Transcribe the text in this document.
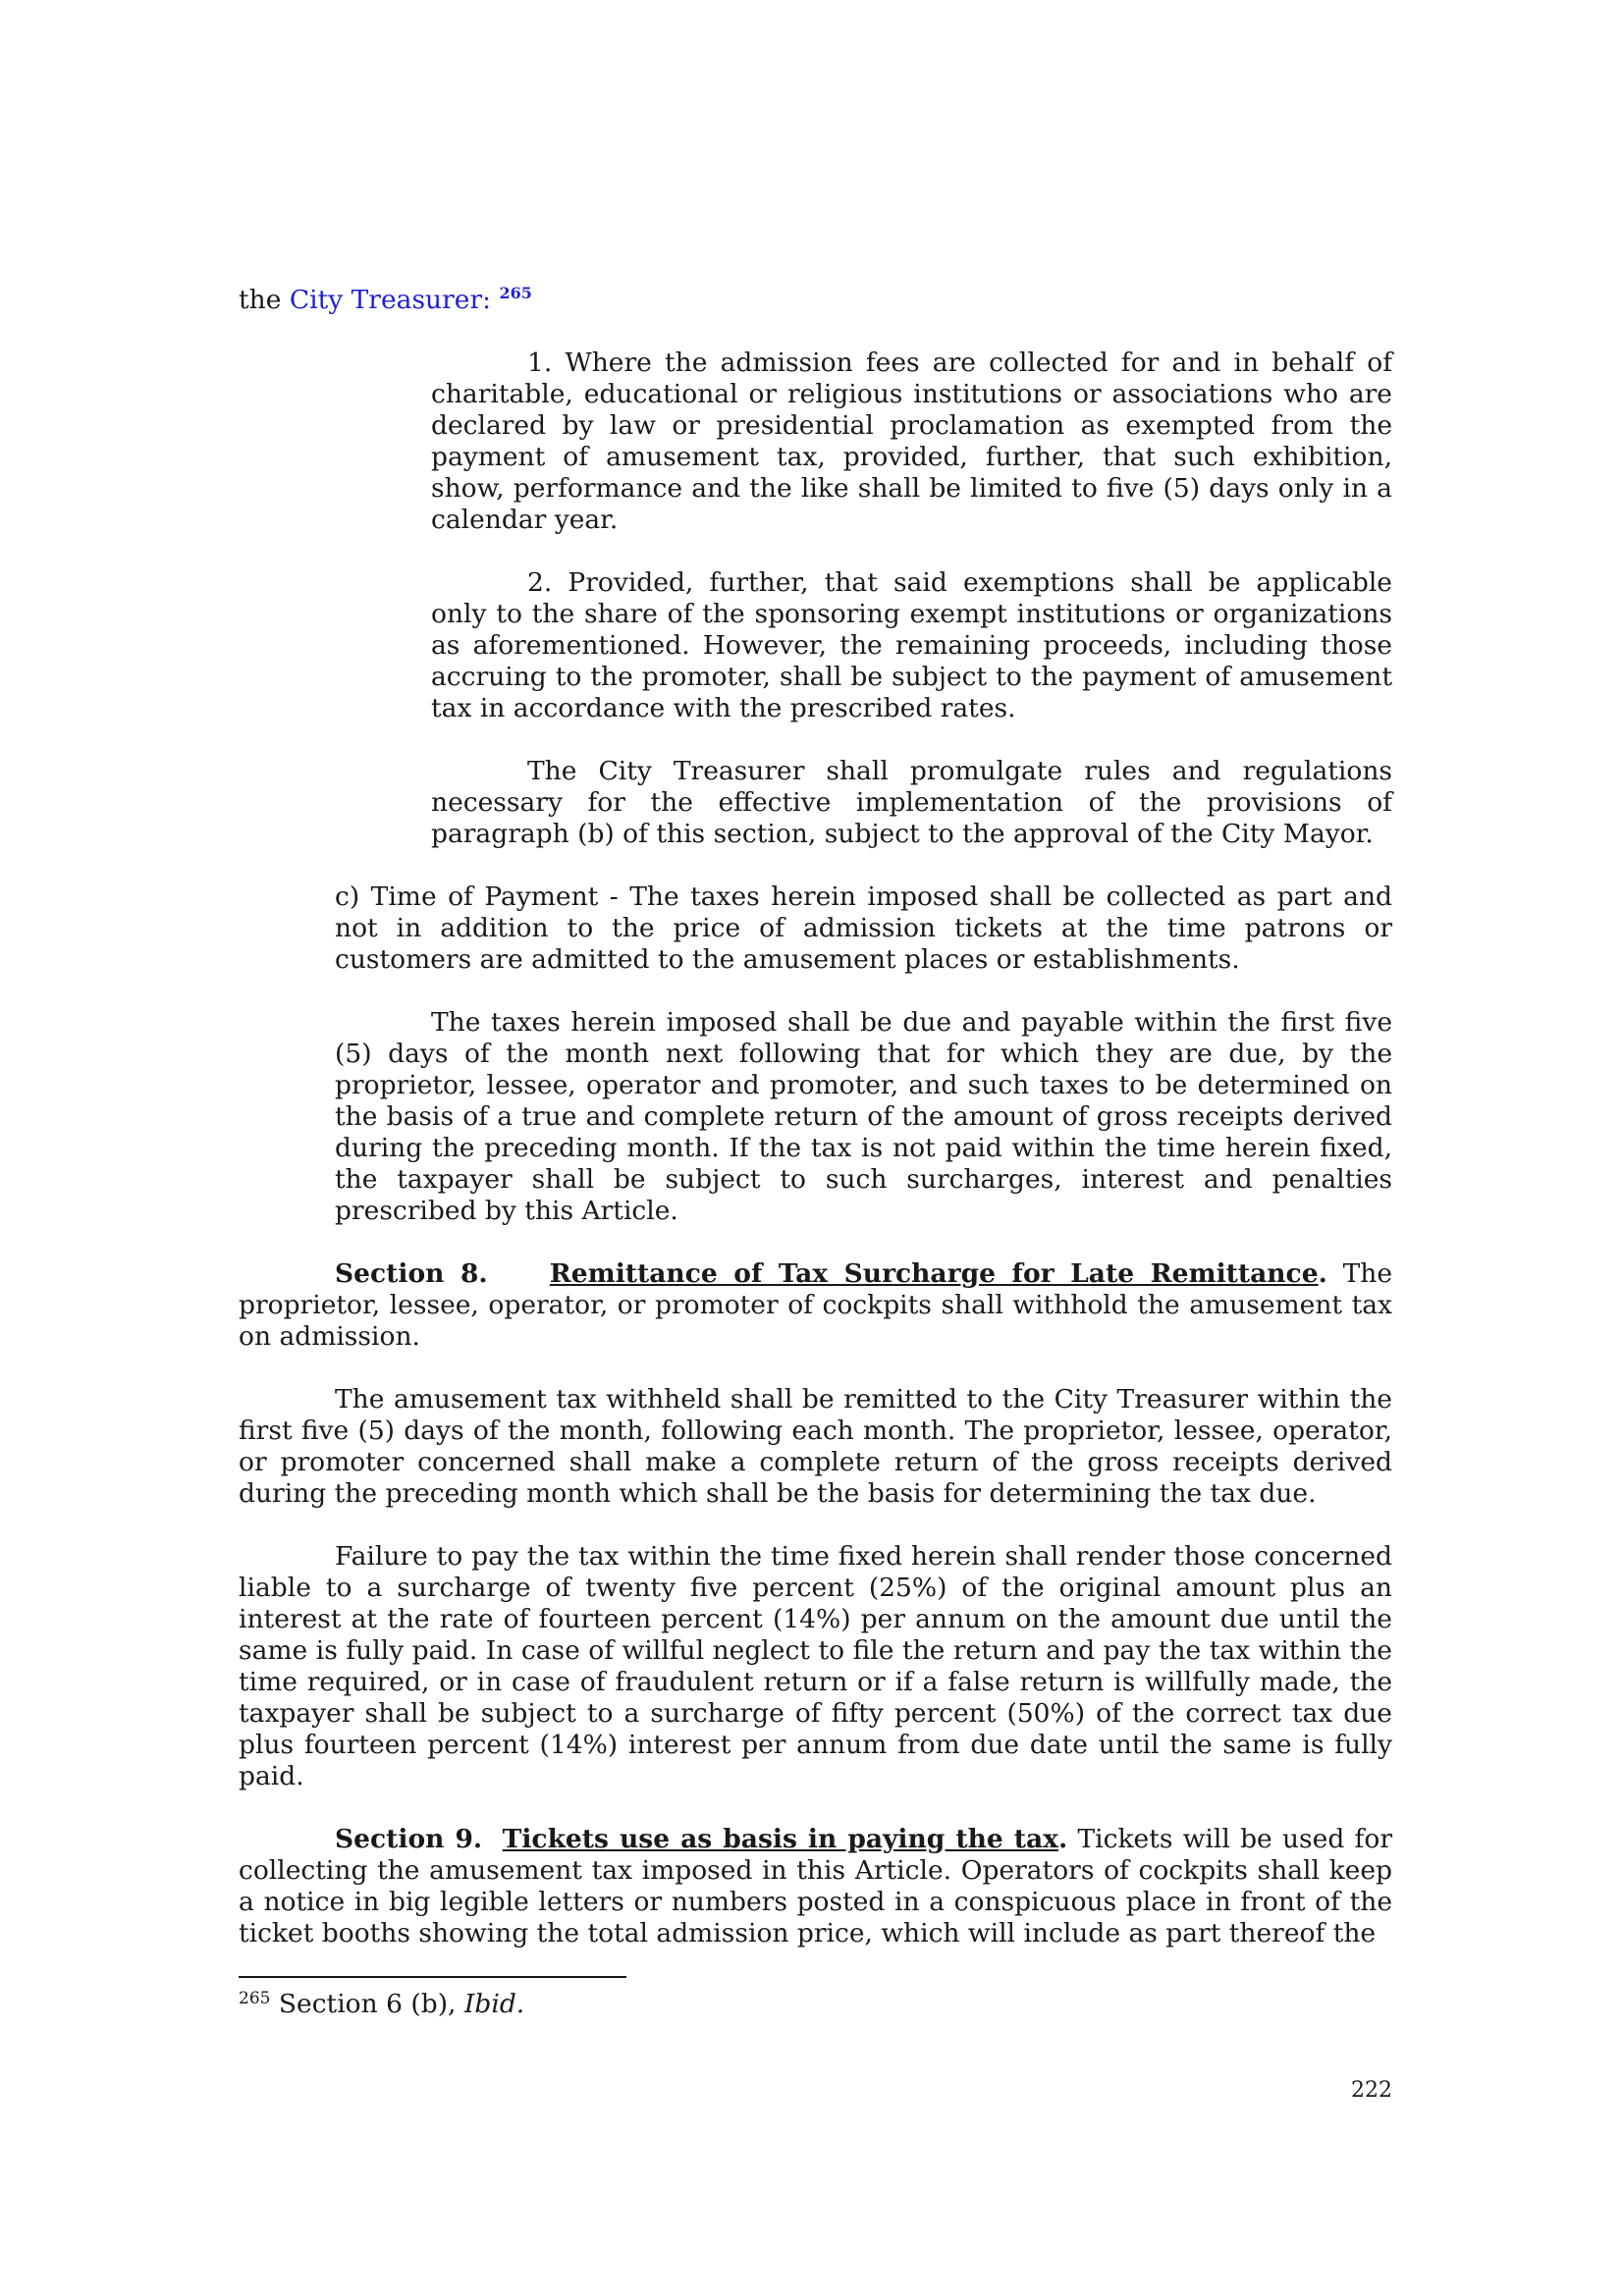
the City Treasurer: $^{265}$

1. Where the admission fees are collected for and in behalf of charitable, educational or religious institutions or associations who are declared by law or presidential proclamation as exempted from the payment of amusement tax, provided, further, that such exhibition, show, performance and the like shall be limited to five (5) days only in a calendar year.

2. Provided, further, that said exemptions shall be applicable only to the share of the sponsoring exempt institutions or organizations as aforementioned. However, the remaining proceeds, including those accruing to the promoter, shall be subject to the payment of amusement tax in accordance with the prescribed rates.

The City Treasurer shall promulgate rules and regulations necessary for the effective implementation of the provisions of paragraph (b) of this section, subject to the approval of the City Mayor.

c) Time of Payment - The taxes herein imposed shall be collected as part and not in addition to the price of admission tickets at the time patrons or customers are admitted to the amusement places or establishments.

The taxes herein imposed shall be due and payable within the first five (5) days of the month next following that for which they are due, by the proprietor, lessee, operator and promoter, and such taxes to be determined on the basis of a true and complete return of the amount of gross receipts derived during the preceding month. If the tax is not paid within the time herein fixed, the taxpayer shall be subject to such surcharges, interest and penalties prescribed by this Article.

Section 8. Remittance of Tax Surcharge for Late Remittance. The proprietor, lessee, operator, or promoter of cockpits shall withhold the amusement tax on admission.

The amusement tax withheld shall be remitted to the City Treasurer within the first five (5) days of the month, following each month. The proprietor, lessee, operator, or promoter concerned shall make a complete return of the gross receipts derived during the preceding month which shall be the basis for determining the tax due.

Failure to pay the tax within the time fixed herein shall render those concerned liable to a surcharge of twenty five percent (25%) of the original amount plus an interest at the rate of fourteen percent (14%) per annum on the amount due until the same is fully paid. In case of willful neglect to file the return and pay the tax within the time required, or in case of fraudulent return or if a false return is willfully made, the taxpayer shall be subject to a surcharge of fifty percent (50%) of the correct tax due plus fourteen percent (14%) interest per annum from due date until the same is fully paid.

Section 9. Tickets use as basis in paying the tax. Tickets will be used for collecting the amusement tax imposed in this Article. Operators of cockpits shall keep a notice in big legible letters or numbers posted in a conspicuous place in front of the ticket booths showing the total admission price, which will include as part thereof the

$^{265}$ Section 6 (b), Ibid.
222
